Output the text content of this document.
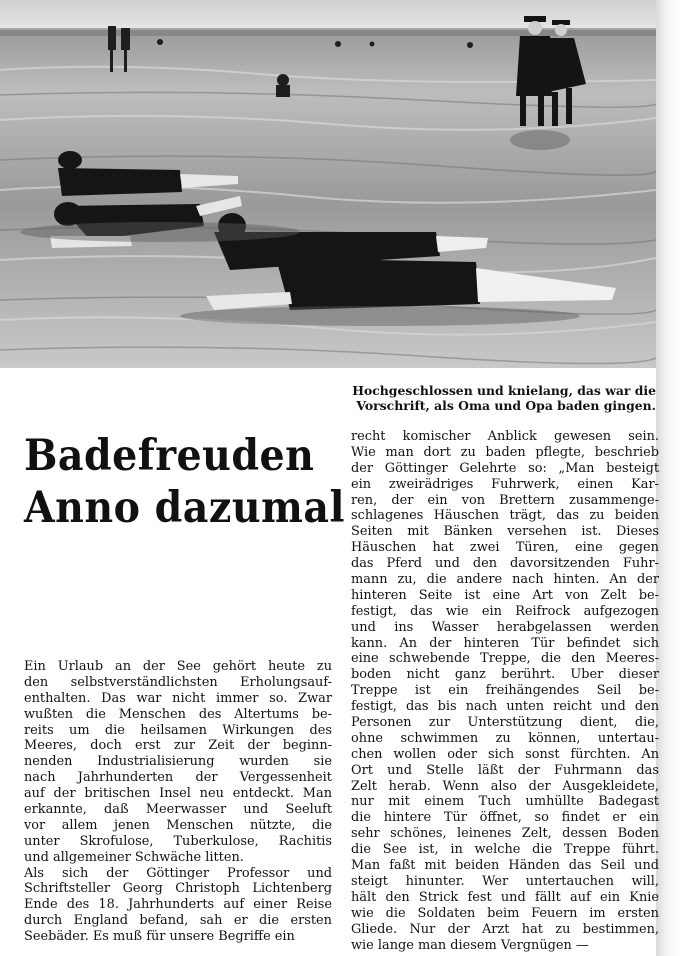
Hochgeschlossen und knielang, das war die
Vorschrift, als Oma und Opa baden gingen.
Badefreuden
Anno dazumal
Ein Urlaub an der See gehört heute zu
den selbstverständlichsten Erholungsauf-
enthalten. Das war nicht immer so. Zwar
wußten die Menschen des Altertums be-
reits um die heilsamen Wirkungen des
Meeres, doch erst zur Zeit der beginn-
nenden Industrialisierung wurden sie
nach Jahrhunderten der Vergessenheit
auf der britischen Insel neu entdeckt. Man
erkannte, daß Meerwasser und Seeluft
vor allem jenen Menschen nützte, die
unter Skrofulose, Tuberkulose, Rachitis
und allgemeiner Schwäche litten.
Als sich der Göttinger Professor und
Schriftsteller Georg Christoph Lichtenberg
Ende des 18. Jahrhunderts auf einer Reise
durch England befand, sah er die ersten
Seebäder. Es muß für unsere Begriffe ein
recht komischer Anblick gewesen sein.
Wie man dort zu baden pflegte, beschrieb
der Göttinger Gelehrte so: „Man besteigt
ein zweirädriges Fuhrwerk, einen Kar-
ren, der ein von Brettern zusammenge-
schlagenes Häuschen trägt, das zu beiden
Seiten mit Bänken versehen ist. Dieses
Häuschen hat zwei Türen, eine gegen
das Pferd und den davorsitzenden Fuhr-
mann zu, die andere nach hinten. An der
hinteren Seite ist eine Art von Zelt be-
festigt, das wie ein Reifrock aufgezogen
und ins Wasser herabgelassen werden
kann. An der hinteren Tür befindet sich
eine schwebende Treppe, die den Meeres-
boden nicht ganz berührt. Über dieser
Treppe ist ein freihängendes Seil be-
festigt, das bis nach unten reicht und den
Personen zur Unterstützung dient, die,
ohne schwimmen zu können, untertau-
chen wollen oder sich sonst fürchten. An
Ort und Stelle läßt der Fuhrmann das
Zelt herab. Wenn also der Ausgekleidete,
nur mit einem Tuch umhüllte Badegast
die hintere Tür öffnet, so findet er ein
sehr schönes, leinenes Zelt, dessen Boden
die See ist, in welche die Treppe führt.
Man faßt mit beiden Händen das Seil und
steigt hinunter. Wer untertauchen will,
hält den Strick fest und fällt auf ein Knie
wie die Soldaten beim Feuern im ersten
Gliede. Nur der Arzt hat zu bestimmen,
wie lange man diesem Vergnügen —
